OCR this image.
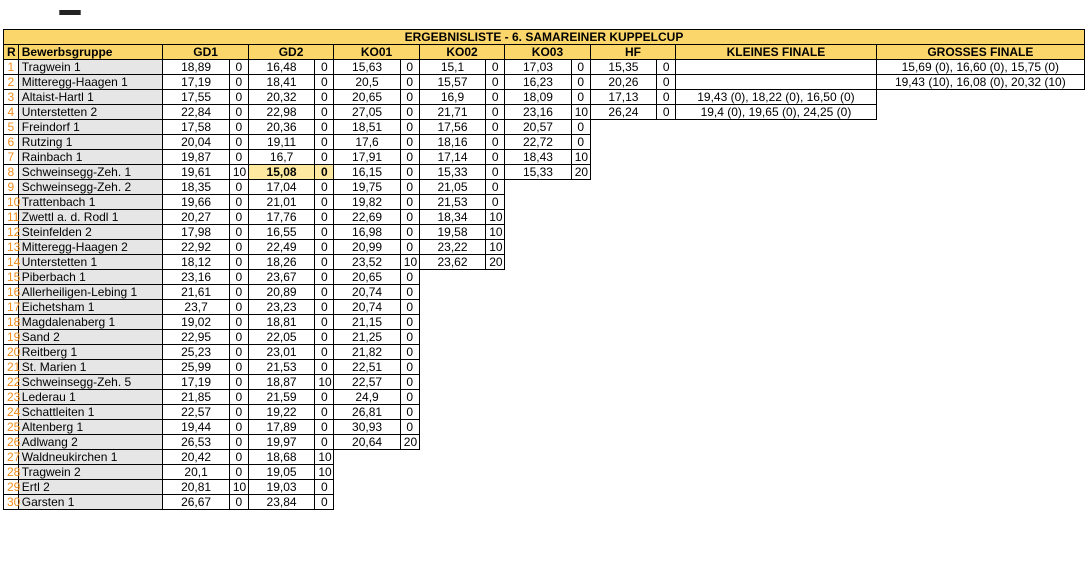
ERGEBNISLISTE - 6. SAMAREINER KUPPELCUP															
R	Bewerbsgruppe	GD1		GD2		KO01		KO02		KO03		HF		KLEINES FINALE	GROSSES FINALE
1	Tragwein 1	18,89	0	16,48	0	15,63	0	15,1	0	17,03	0	15,35	0		15,69 (0), 16,60 (0), 15,75 (0)
2	Mitteregg-Haagen 1	17,19	0	18,41	0	20,5	0	15,57	0	16,23	0	20,26	0		19,43 (10), 16,08 (0), 20,32 (10)
3	Altaist-Hartl 1	17,55	0	20,32	0	20,65	0	16,9	0	18,09	0	17,13	0	19,43 (0), 18,22 (0), 16,50 (0)	
4	Unterstetten 2	22,84	0	22,98	0	27,05	0	21,71	0	23,16	10	26,24	0	19,4 (0), 19,65 (0), 24,25 (0)	
5	Freindorf 1	17,58	0	20,36	0	18,51	0	17,56	0	20,57	0				
6	Rutzing 1	20,04	0	19,11	0	17,6	0	18,16	0	22,72	0				
7	Rainbach 1	19,87	0	16,7	0	17,91	0	17,14	0	18,43	10				
8	Schweinsegg-Zeh. 1	19,61	10	15,08	0	16,15	0	15,33	0	15,33	20				
9	Schweinsegg-Zeh. 2	18,35	0	17,04	0	19,75	0	21,05	0						
10	Trattenbach 1	19,66	0	21,01	0	19,82	0	21,53	0						
11	Zwettl a. d. Rodl 1	20,27	0	17,76	0	22,69	0	18,34	10						
12	Steinfelden 2	17,98	0	16,55	0	16,98	0	19,58	10						
13	Mitteregg-Haagen 2	22,92	0	22,49	0	20,99	0	23,22	10						
14	Unterstetten 1	18,12	0	18,26	0	23,52	10	23,62	20						
15	Piberbach 1	23,16	0	23,67	0	20,65	0								
16	Allerheiligen-Lebing 1	21,61	0	20,89	0	20,74	0								
17	Eichetsham 1	23,7	0	23,23	0	20,74	0								
18	Magdalenaberg 1	19,02	0	18,81	0	21,15	0								
19	Sand 2	22,95	0	22,05	0	21,25	0								
20	Reitberg 1	25,23	0	23,01	0	21,82	0								
21	St. Marien 1	25,99	0	21,53	0	22,51	0								
22	Schweinsegg-Zeh. 5	17,19	0	18,87	10	22,57	0								
23	Lederau 1	21,85	0	21,59	0	24,9	0								
24	Schattleiten 1	22,57	0	19,22	0	26,81	0								
25	Altenberg 1	19,44	0	17,89	0	30,93	0								
26	Adlwang 2	26,53	0	19,97	0	20,64	20								
27	Waldneukirchen 1	20,42	0	18,68	10										
28	Tragwein 2	20,1	0	19,05	10										
29	Ertl 2	20,81	10	19,03	0										
30	Garsten 1	26,67	0	23,84	0										
